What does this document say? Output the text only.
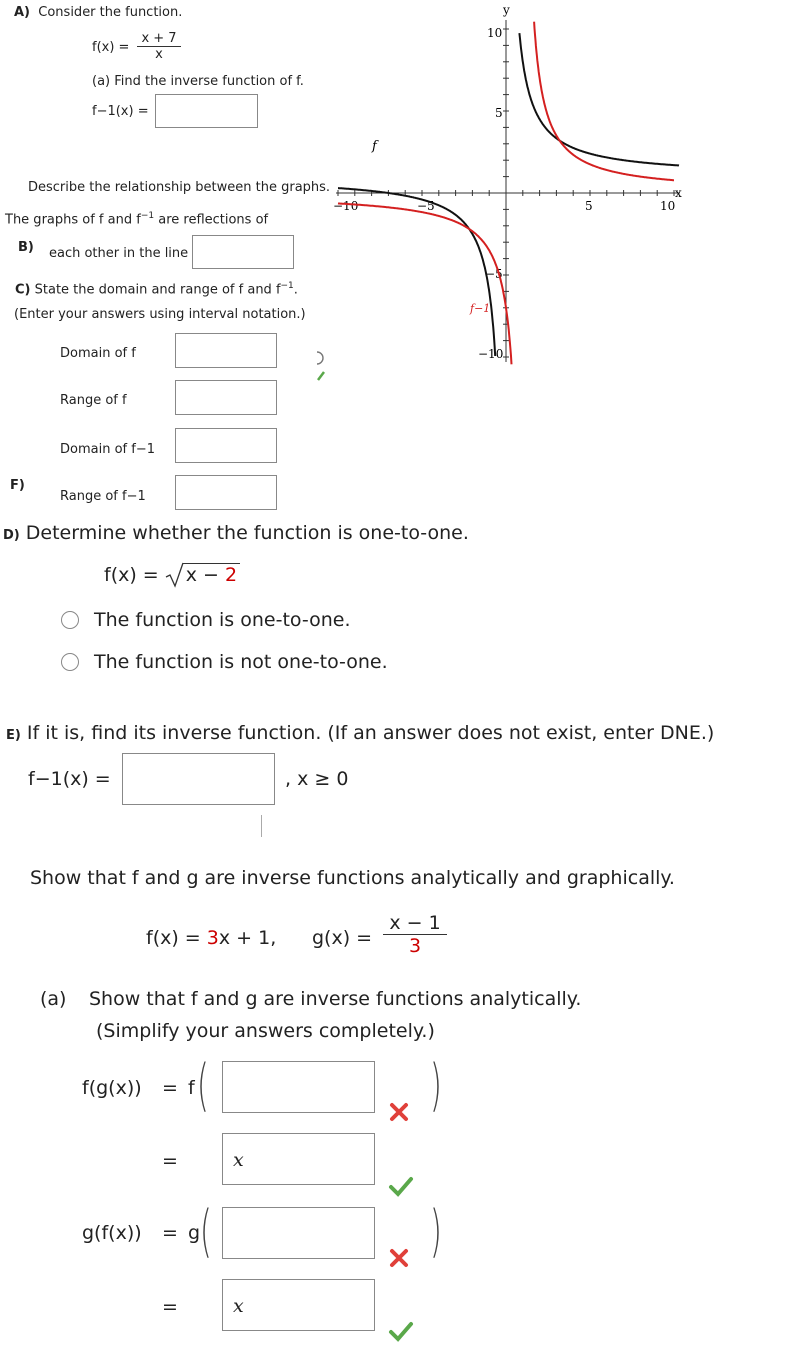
A) Consider the function.
$f(x) = \frac{x + 7}{x}$
(a) Find the inverse function of f.
f−1(x) =
Describe the relationship between the graphs.
The graphs of f and $f^{-1}$ are reflections of
B) each other in the line
C) State the domain and range of f and $f^{-1}$.
(Enter your answers using interval notation.)
Domain of f
Range of f
Domain of f−1
F)
Range of f−1
x
y
−10	−5	5	10
10
5
−5
−10
f
f−1
D) Determine whether the function is one-to-one.
f(x) = x − 2
The function is one-to-one.
The function is not one-to-one.
E) If it is, find its inverse function. (If an answer does not exist, enter DNE.)
f−1(x) =	, x ≥ 0
Show that f and g are inverse functions analytically and graphically.
f(x) = 3x + 1, $g(x) = \frac{x - 1}{3}$
(a) Show that f and g are inverse functions analytically.
(Simplify your answers completely.)
f(g(x)) = f (	)
=	x
g(f(x)) = g (	)
=	x
